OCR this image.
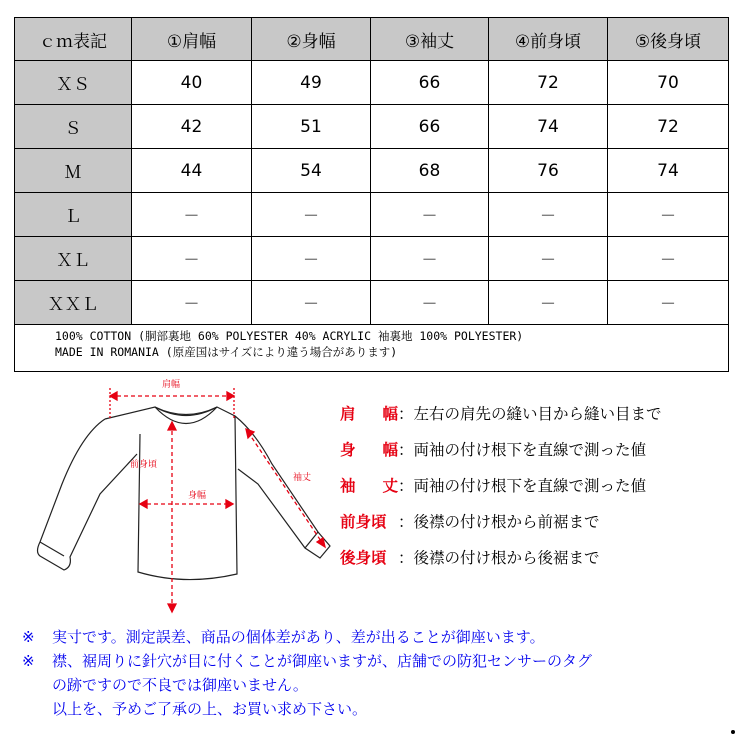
ｃｍ表記	①肩幅	②身幅	③袖丈	④前身頃	⑤後身頃
ＸＳ	40	49	66	72	70
Ｓ	42	51	66	74	72
Ｍ	44	54	68	76	74
Ｌ	－	－	－	－	－
ＸＬ	－	－	－	－	－
ＸＸＬ	－	－	－	－	－

100% COTTON (胴部裏地 60% POLYESTER 40% ACRYLIC 袖裏地 100% POLYESTER)
MADE IN ROMANIA (原産国はサイズにより違う場合があります)					
肩幅
前身頃
身幅
袖丈
肩 幅 ：左右の肩先の縫い目から縫い目まで
身 幅 ：両袖の付け根下を直線で測った値
袖 丈 ：両袖の付け根下を直線で測った値
前身頃 ：後襟の付け根から前裾まで
後身頃 ：後襟の付け根から後裾まで
※	実寸です。測定誤差、商品の個体差があり、差が出ることが御座います。
※	襟、裾周りに針穴が目に付くことが御座いますが、店舗での防犯センサーのタグ
の跡ですので不良では御座いません。
以上を、予めご了承の上、お買い求め下さい。
